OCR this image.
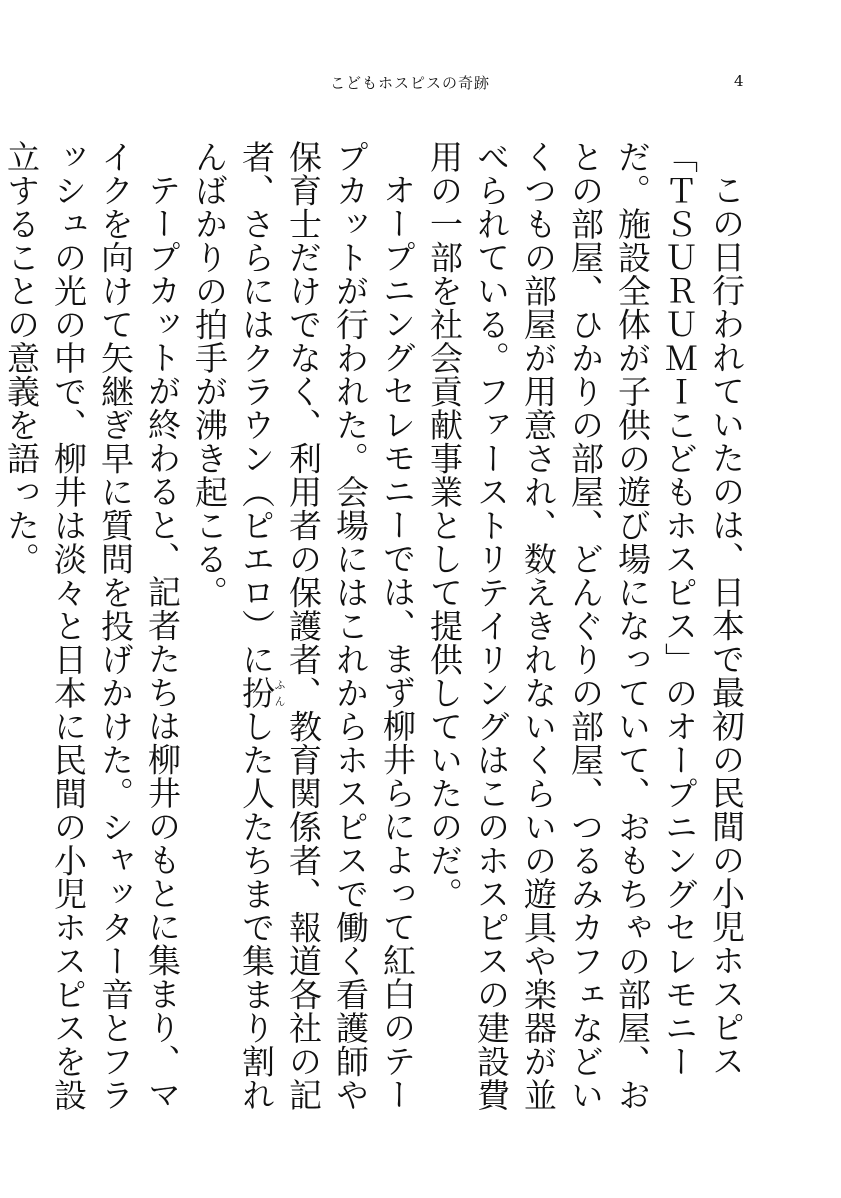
こどもホスピスの奇跡	4

この日行われていたのは、日本で最初の民間の小児ホスピス「ＴＳＵＲＵＭＩこどもホスピス」のオープニングセレモニーだ。施設全体が子供の遊び場になっていて、おもちゃの部屋、おとの部屋、ひかりの部屋、どんぐりの部屋、つるみカフェなどいくつもの部屋が用意され、数えきれないくらいの遊具や楽器が並べられている。ファーストリテイリングはこのホスピスの建設費用の一部を社会貢献事業として提供していたのだ。

オープニングセレモニーでは、まず柳井らによって紅白のテープカットが行われた。会場にはこれからホスピスで働く看護師や保育士だけでなく、利用者の保護者、教育関係者、報道各社の記者、さらにはクラウン（ピエロ）に扮ふんした人たちまで集まり割れんばかりの拍手が沸き起こる。

テープカットが終わると、記者たちは柳井のもとに集まり、マイクを向けて矢継ぎ早に質問を投げかけた。シャッター音とフラッシュの光の中で、柳井は淡々と日本に民間の小児ホスピスを設立することの意義を語った。
